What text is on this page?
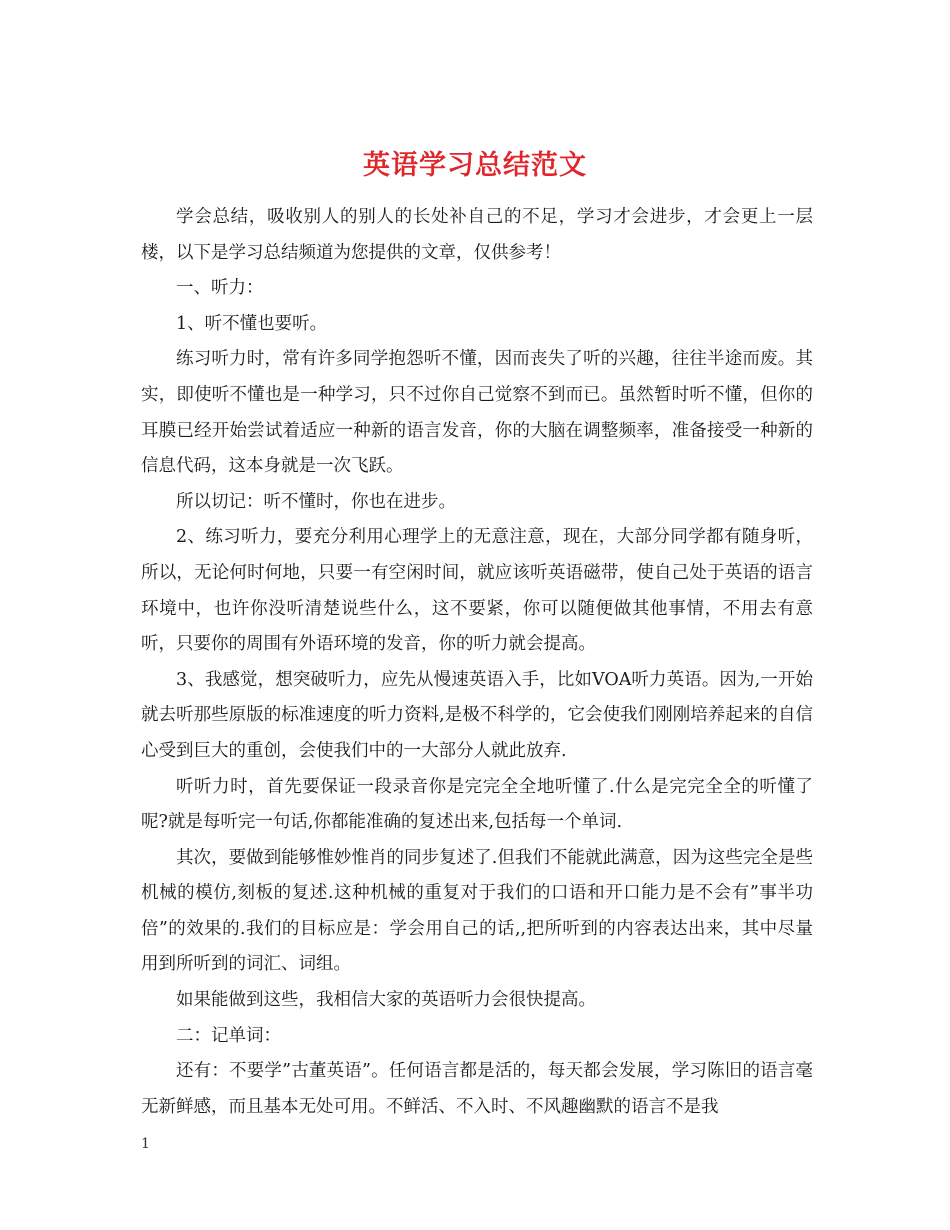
英语学习总结范文

学会总结，吸收别人的别人的长处补自己的不足，学习才会进步，才会更上一层楼，以下是学习总结频道为您提供的文章，仅供参考！

一、听力：

1、听不懂也要听。

练习听力时，常有许多同学抱怨听不懂，因而丧失了听的兴趣，往往半途而废。其实，即使听不懂也是一种学习，只不过你自己觉察不到而已。虽然暂时听不懂，但你的耳膜已经开始尝试着适应一种新的语言发音，你的大脑在调整频率，准备接受一种新的信息代码，这本身就是一次飞跃。

所以切记：听不懂时，你也在进步。

2、练习听力，要充分利用心理学上的无意注意，现在，大部分同学都有随身听，所以，无论何时何地，只要一有空闲时间，就应该听英语磁带，使自己处于英语的语言环境中，也许你没听清楚说些什么，这不要紧，你可以随便做其他事情，不用去有意听，只要你的周围有外语环境的发音，你的听力就会提高。

3、我感觉，想突破听力，应先从慢速英语入手，比如VOA听力英语。因为,一开始就去听那些原版的标准速度的听力资料,是极不科学的，它会使我们刚刚培养起来的自信心受到巨大的重创，会使我们中的一大部分人就此放弃.

听听力时，首先要保证一段录音你是完完全全地听懂了.什么是完完全全的听懂了呢?就是每听完一句话,你都能准确的复述出来,包括每一个单词.

其次，要做到能够惟妙惟肖的同步复述了.但我们不能就此满意，因为这些完全是些机械的模仿,刻板的复述.这种机械的重复对于我们的口语和开口能力是不会有”事半功倍”的效果的.我们的目标应是：学会用自己的话,,把所听到的内容表达出来，其中尽量用到所听到的词汇、词组。

如果能做到这些，我相信大家的英语听力会很快提高。

二：记单词：

还有：不要学”古董英语”。任何语言都是活的，每天都会发展，学习陈旧的语言毫无新鲜感，而且基本无处可用。不鲜活、不入时、不风趣幽默的语言不是我

1
